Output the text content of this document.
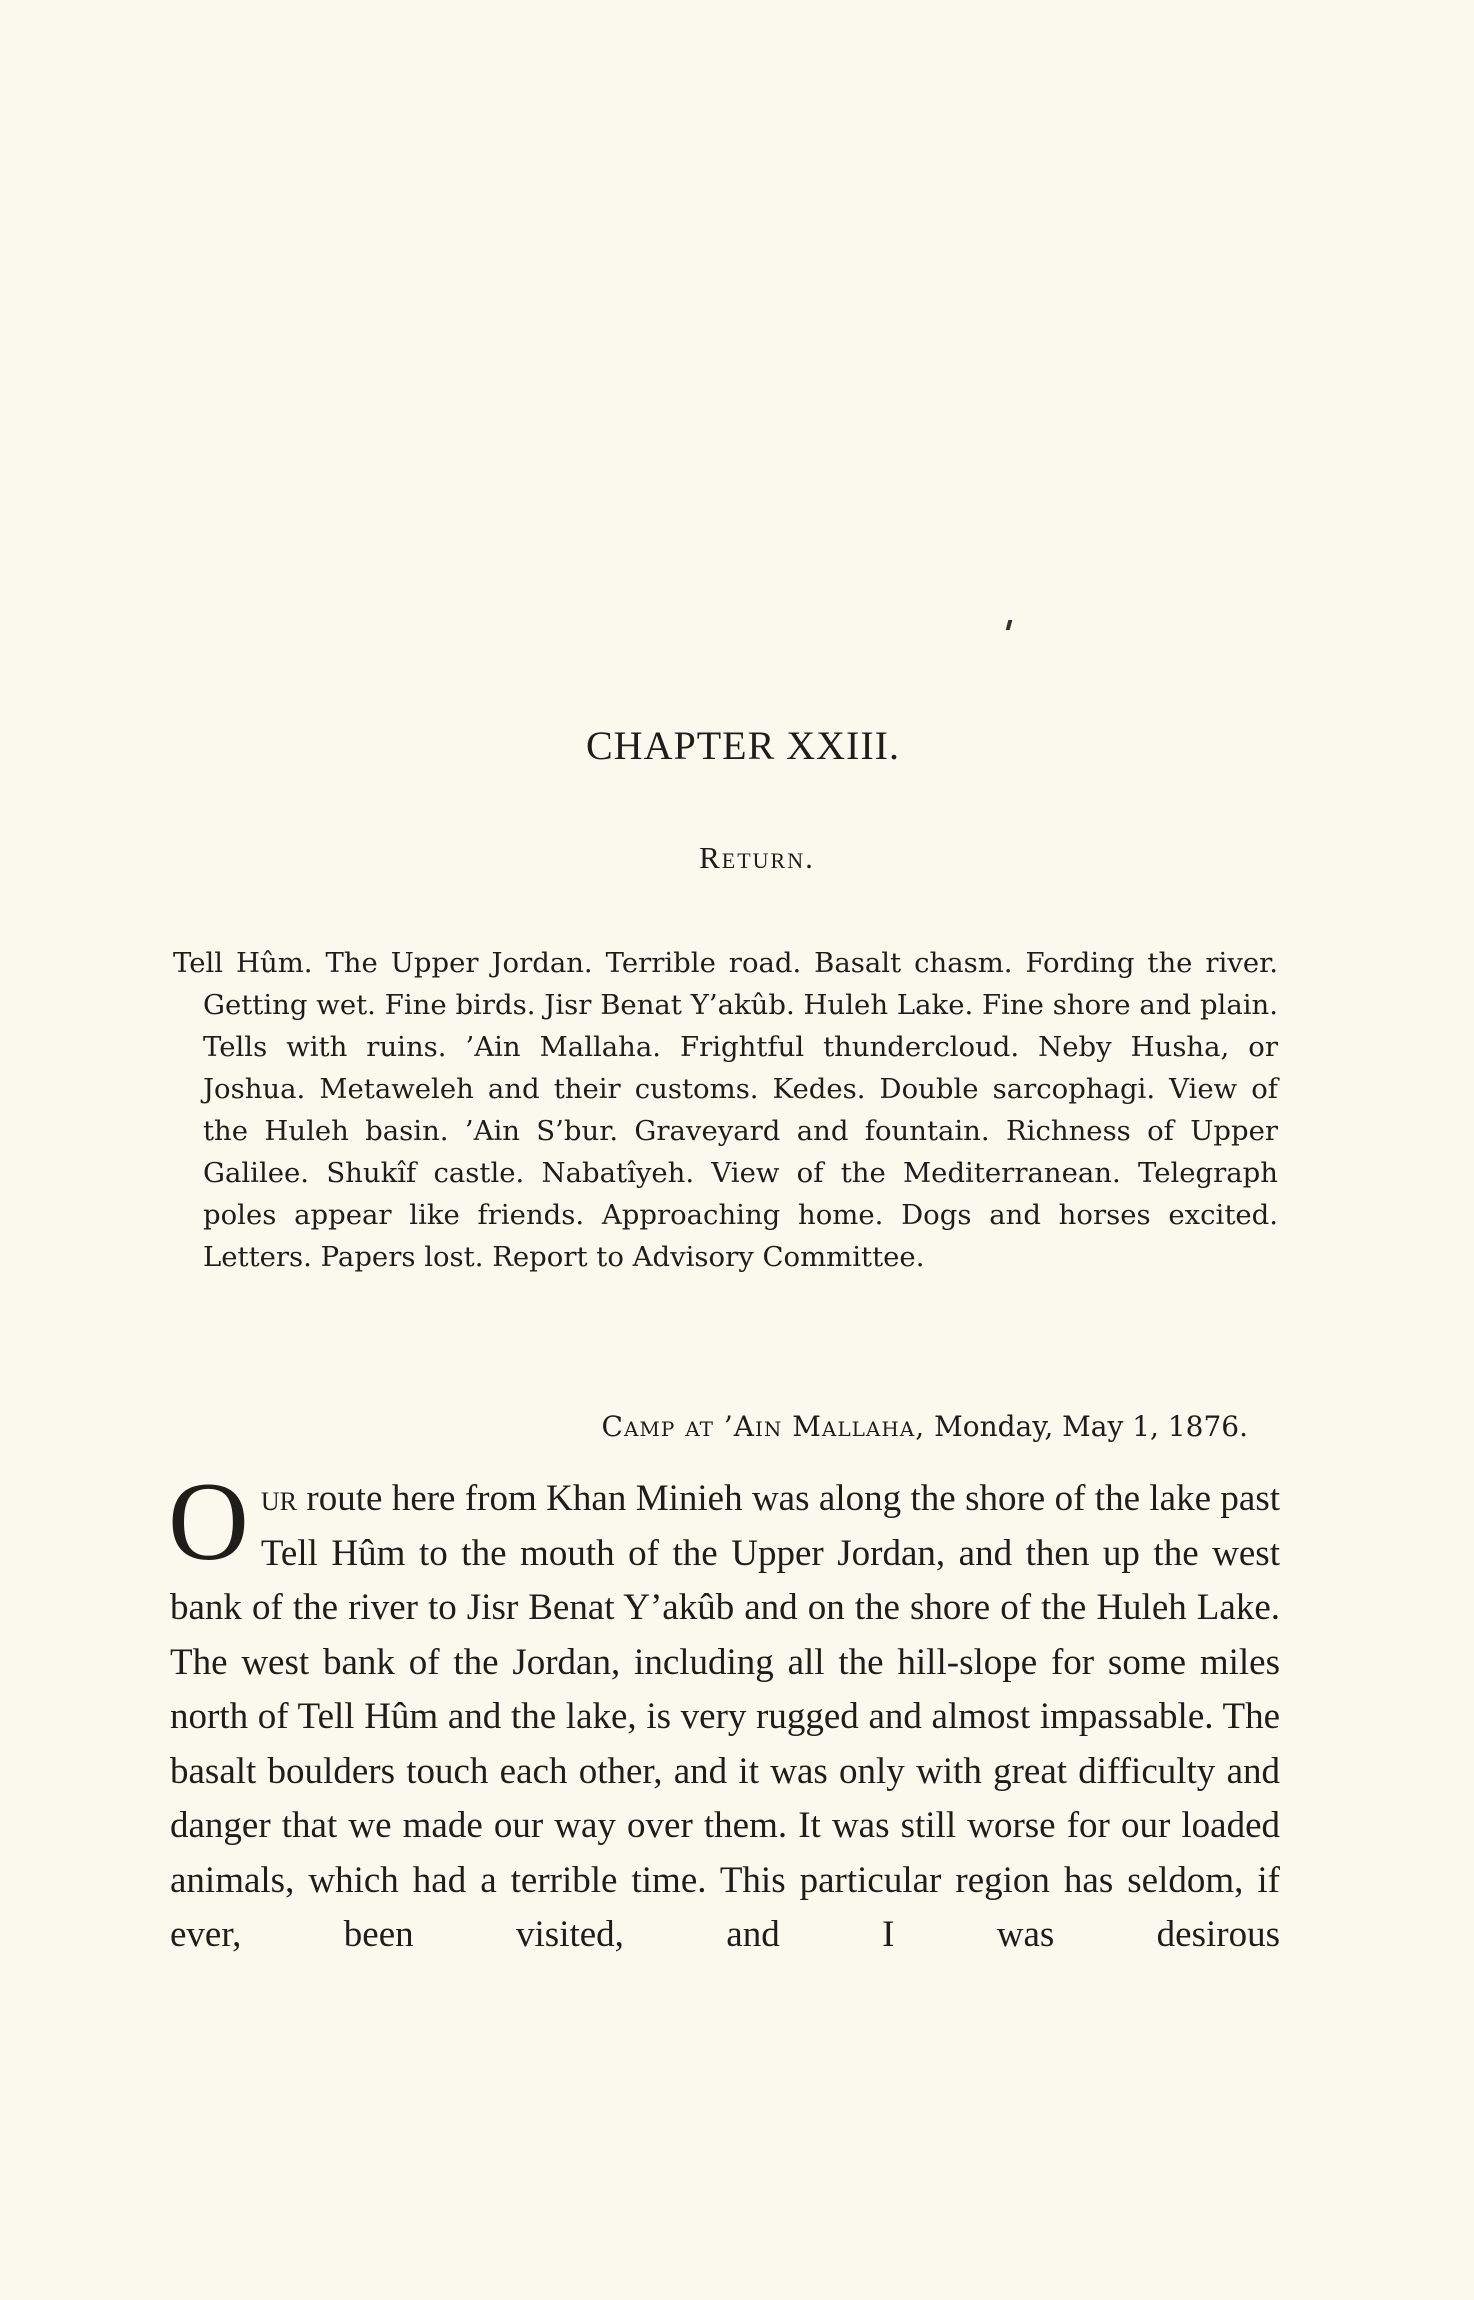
CHAPTER XXIII.
Return.
Tell Hûm. The Upper Jordan. Terrible road. Basalt chasm. Fording the river. Getting wet. Fine birds. Jisr Benat Y’akûb. Huleh Lake. Fine shore and plain. Tells with ruins. ’Ain Mallaha. Frightful thundercloud. Neby Husha, or Joshua. Metaweleh and their customs. Kedes. Double sarcophagi. View of the Huleh basin. ’Ain S’bur. Graveyard and fountain. Richness of Upper Galilee. Shukîf castle. Nabatîyeh. View of the Mediterranean. Telegraph poles appear like friends. Approaching home. Dogs and horses excited. Letters. Papers lost. Report to Advisory Committee.
Camp at ’Ain Mallaha, Monday, May 1, 1876.
O ur route here from Khan Minieh was along the shore of the lake past Tell Hûm to the mouth of the Upper Jordan, and then up the west bank of the river to Jisr Benat Y’akûb and on the shore of the Huleh Lake. The west bank of the Jordan, including all the hill-slope for some miles north of Tell Hûm and the lake, is very rugged and almost impassable. The basalt boulders touch each other, and it was only with great difficulty and danger that we made our way over them. It was still worse for our loaded animals, which had a terrible time. This particular region has seldom, if ever, been visited, and I was desirous
